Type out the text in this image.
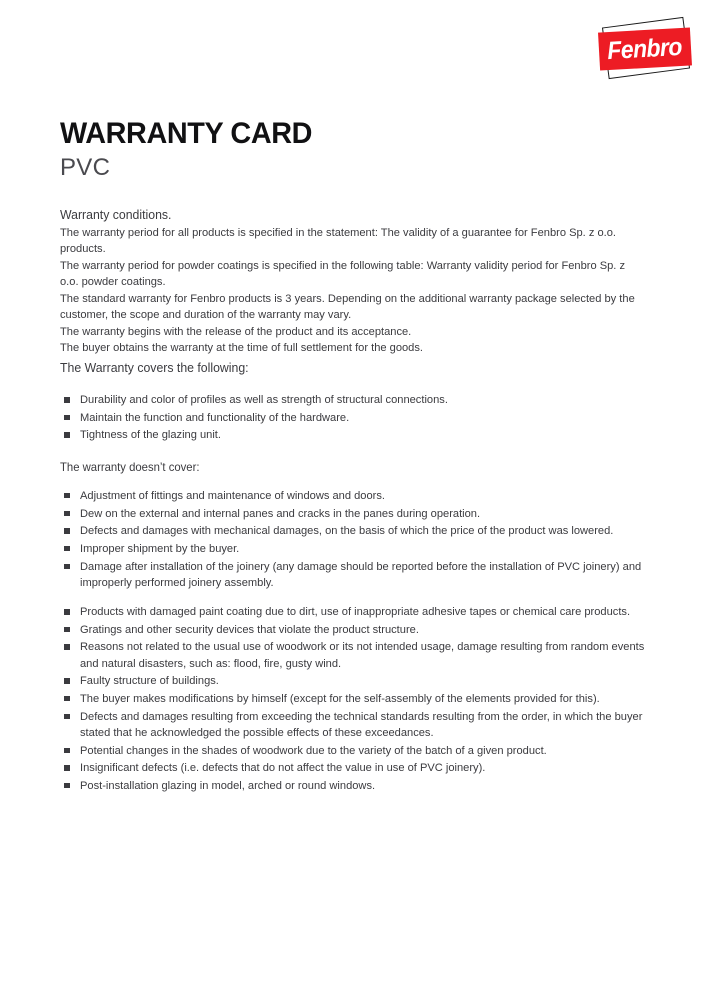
Fenbro
WARRANTY CARD
PVC

Warranty conditions.

The warranty period for all products is specified in the statement: The validity of a guarantee for Fenbro Sp. z o.o. products.

The warranty period for powder coatings is specified in the following table: Warranty validity period for Fenbro Sp. z o.o. powder coatings.

The standard warranty for Fenbro products is 3 years. Depending on the additional warranty package selected by the customer, the scope and duration of the warranty may vary.

The warranty begins with the release of the product and its acceptance.

The buyer obtains the warranty at the time of full settlement for the goods.

The Warranty covers the following:

Durability and color of profiles as well as strength of structural connections.
Maintain the function and functionality of the hardware.
Tightness of the glazing unit.

The warranty doesn’t cover:

Adjustment of fittings and maintenance of windows and doors.
Dew on the external and internal panes and cracks in the panes during operation.
Defects and damages with mechanical damages, on the basis of which the price of the product was lowered.
Improper shipment by the buyer.
Damage after installation of the joinery (any damage should be reported before the installation of PVC joinery) and improperly performed joinery assembly.
Products with damaged paint coating due to dirt, use of inappropriate adhesive tapes or chemical care products.
Gratings and other security devices that violate the product structure.
Reasons not related to the usual use of woodwork or its not intended usage, damage resulting from random events and natural disasters, such as: flood, fire, gusty wind.
Faulty structure of buildings.
The buyer makes modifications by himself (except for the self-assembly of the elements provided for this).
Defects and damages resulting from exceeding the technical standards resulting from the order, in which the buyer stated that he acknowledged the possible effects of these exceedances.
Potential changes in the shades of woodwork due to the variety of the batch of a given product.
Insignificant defects (i.e. defects that do not affect the value in use of PVC joinery).
Post-installation glazing in model, arched or round windows.
